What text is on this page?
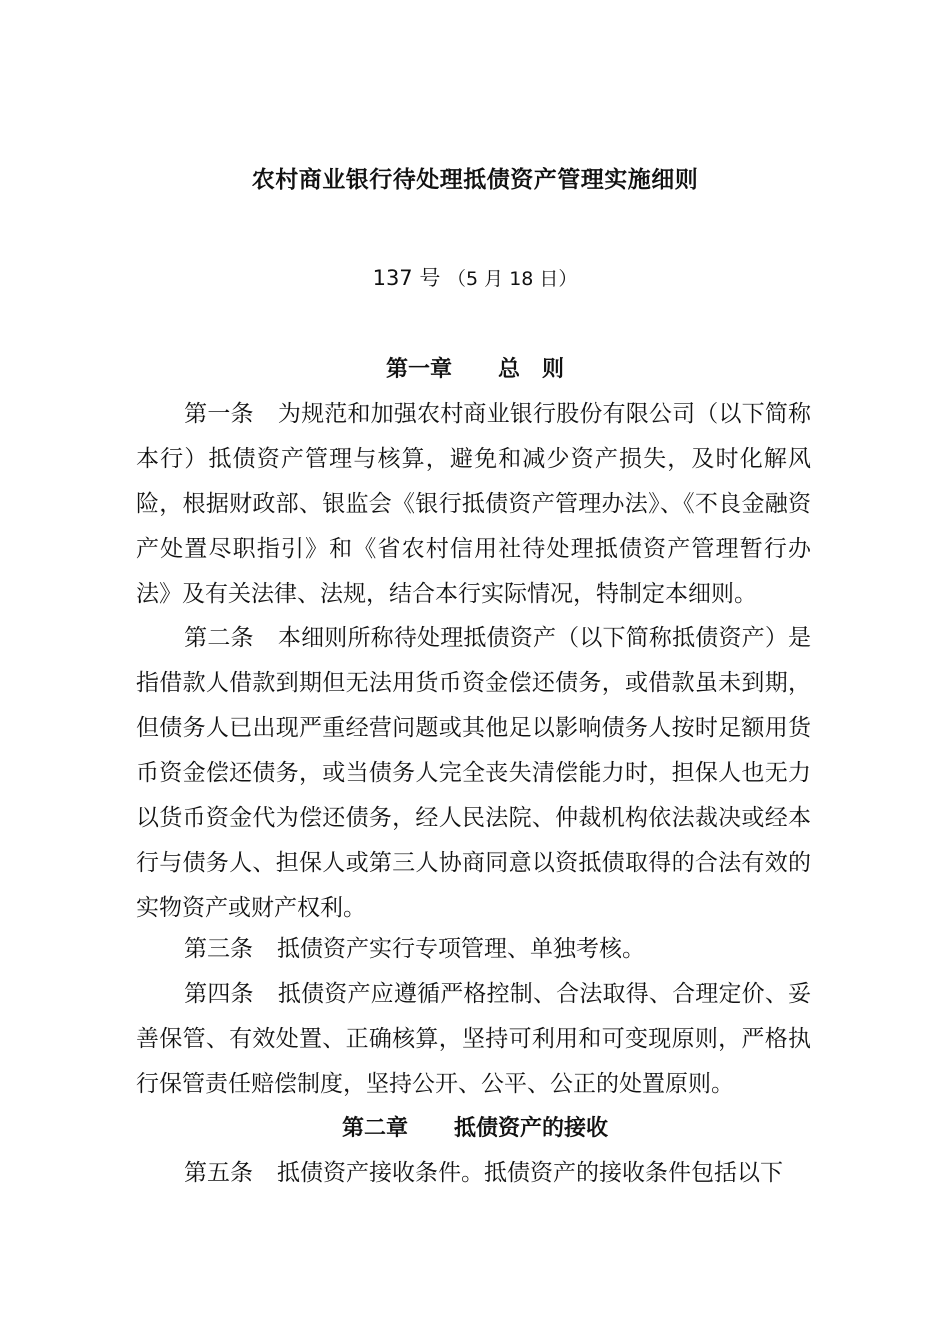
农村商业银行待处理抵债资产管理实施细则
137 号 （5 月 18 日）
第一章 总 则
第一条 为规范和加强农村商业银行股份有限公司（以下简称本行）抵债资产管理与核算，避免和减少资产损失，及时化解风险，根据财政部、银监会《银行抵债资产管理办法》、《不良金融资产处置尽职指引》和《省农村信用社待处理抵债资产管理暂行办法》及有关法律、法规，结合本行实际情况，特制定本细则。
第二条 本细则所称待处理抵债资产（以下简称抵债资产）是指借款人借款到期但无法用货币资金偿还债务，或借款虽未到期，但债务人已出现严重经营问题或其他足以影响债务人按时足额用货币资金偿还债务，或当债务人完全丧失清偿能力时，担保人也无力以货币资金代为偿还债务，经人民法院、仲裁机构依法裁决或经本行与债务人、担保人或第三人协商同意以资抵债取得的合法有效的实物资产或财产权利。
第三条 抵债资产实行专项管理、单独考核。
第四条 抵债资产应遵循严格控制、合法取得、合理定价、妥善保管、有效处置、正确核算，坚持可利用和可变现原则，严格执行保管责任赔偿制度，坚持公开、公平、公正的处置原则。
第二章 抵债资产的接收
第五条 抵债资产接收条件。抵债资产的接收条件包括以下
